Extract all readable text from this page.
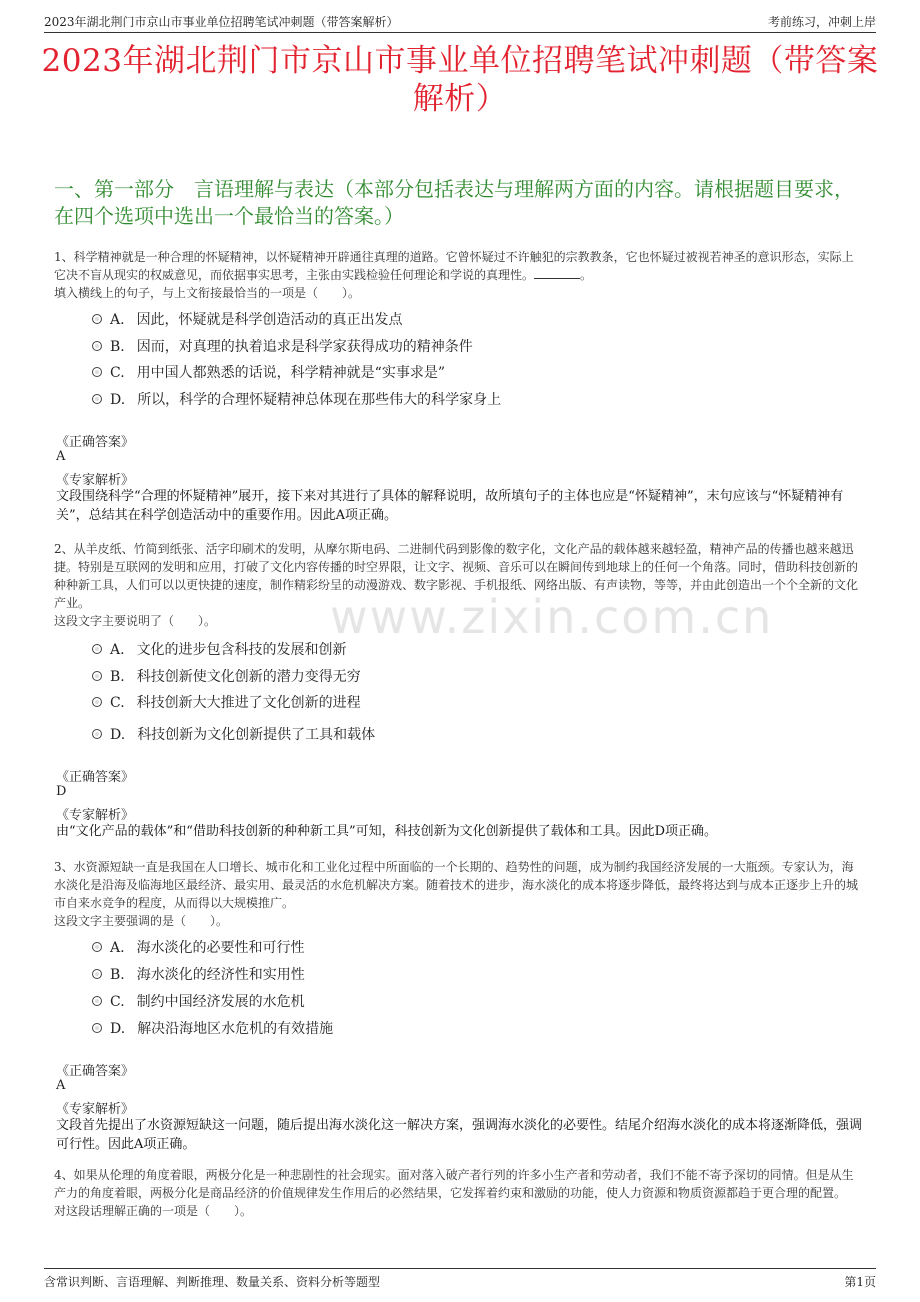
2023年湖北荆门市京山市事业单位招聘笔试冲刺题（带答案解析）	考前练习，冲刺上岸
2023年湖北荆门市京山市事业单位招聘笔试冲刺题（带答案解析）
一、第一部分　言语理解与表达（本部分包括表达与理解两方面的内容。请根据题目要求，在四个选项中选出一个最恰当的答案。）
www.zixin.com.cn
1、科学精神就是一种合理的怀疑精神，以怀疑精神开辟通往真理的道路。它曾怀疑过不许触犯的宗教教条，它也怀疑过被视若神圣的意识形态，实际上它决不盲从现实的权威意见，而依据事实思考，主张由实践检验任何理论和学说的真理性。	。
填入横线上的句子，与上文衔接最恰当的一项是（　　）。
A. 因此，怀疑就是科学创造活动的真正出发点
B. 因而，对真理的执着追求是科学家获得成功的精神条件
C. 用中国人都熟悉的话说，科学精神就是“实事求是”
D. 所以，科学的合理怀疑精神总体现在那些伟大的科学家身上
《正确答案》
A
《专家解析》
文段围绕科学“合理的怀疑精神”展开，接下来对其进行了具体的解释说明，故所填句子的主体也应是“怀疑精神”，末句应该与“怀疑精神有关”，总结其在科学创造活动中的重要作用。因此A项正确。
2、从羊皮纸、竹简到纸张、活字印刷术的发明，从摩尔斯电码、二进制代码到影像的数字化，文化产品的载体越来越轻盈，精神产品的传播也越来越迅捷。特别是互联网的发明和应用，打破了文化内容传播的时空界限，让文字、视频、音乐可以在瞬间传到地球上的任何一个角落。同时，借助科技创新的种种新工具，人们可以以更快捷的速度，制作精彩纷呈的动漫游戏、数字影视、手机报纸、网络出版、有声读物，等等，并由此创造出一个个全新的文化产业。
这段文字主要说明了（　　）。
A. 文化的进步包含科技的发展和创新
B. 科技创新使文化创新的潜力变得无穷
C. 科技创新大大推进了文化创新的进程
D. 科技创新为文化创新提供了工具和载体
《正确答案》
D
《专家解析》
由“文化产品的载体”和“借助科技创新的种种新工具”可知，科技创新为文化创新提供了载体和工具。因此D项正确。
3、水资源短缺一直是我国在人口增长、城市化和工业化过程中所面临的一个长期的、趋势性的问题，成为制约我国经济发展的一大瓶颈。专家认为，海水淡化是沿海及临海地区最经济、最实用、最灵活的水危机解决方案。随着技术的进步，海水淡化的成本将逐步降低，最终将达到与成本正逐步上升的城市自来水竞争的程度，从而得以大规模推广。
这段文字主要强调的是（　　）。
A. 海水淡化的必要性和可行性
B. 海水淡化的经济性和实用性
C. 制约中国经济发展的水危机
D. 解决沿海地区水危机的有效措施
《正确答案》
A
《专家解析》
文段首先提出了水资源短缺这一问题，随后提出海水淡化这一解决方案，强调海水淡化的必要性。结尾介绍海水淡化的成本将逐渐降低，强调可行性。因此A项正确。
4、如果从伦理的角度着眼，两极分化是一种悲剧性的社会现实。面对落入破产者行列的许多小生产者和劳动者，我们不能不寄予深切的同情。但是从生产力的角度着眼，两极分化是商品经济的价值规律发生作用后的必然结果，它发挥着约束和激励的功能，使人力资源和物质资源都趋于更合理的配置。
对这段话理解正确的一项是（　　）。
含常识判断、言语理解、判断推理、数量关系、资料分析等题型	第1页
